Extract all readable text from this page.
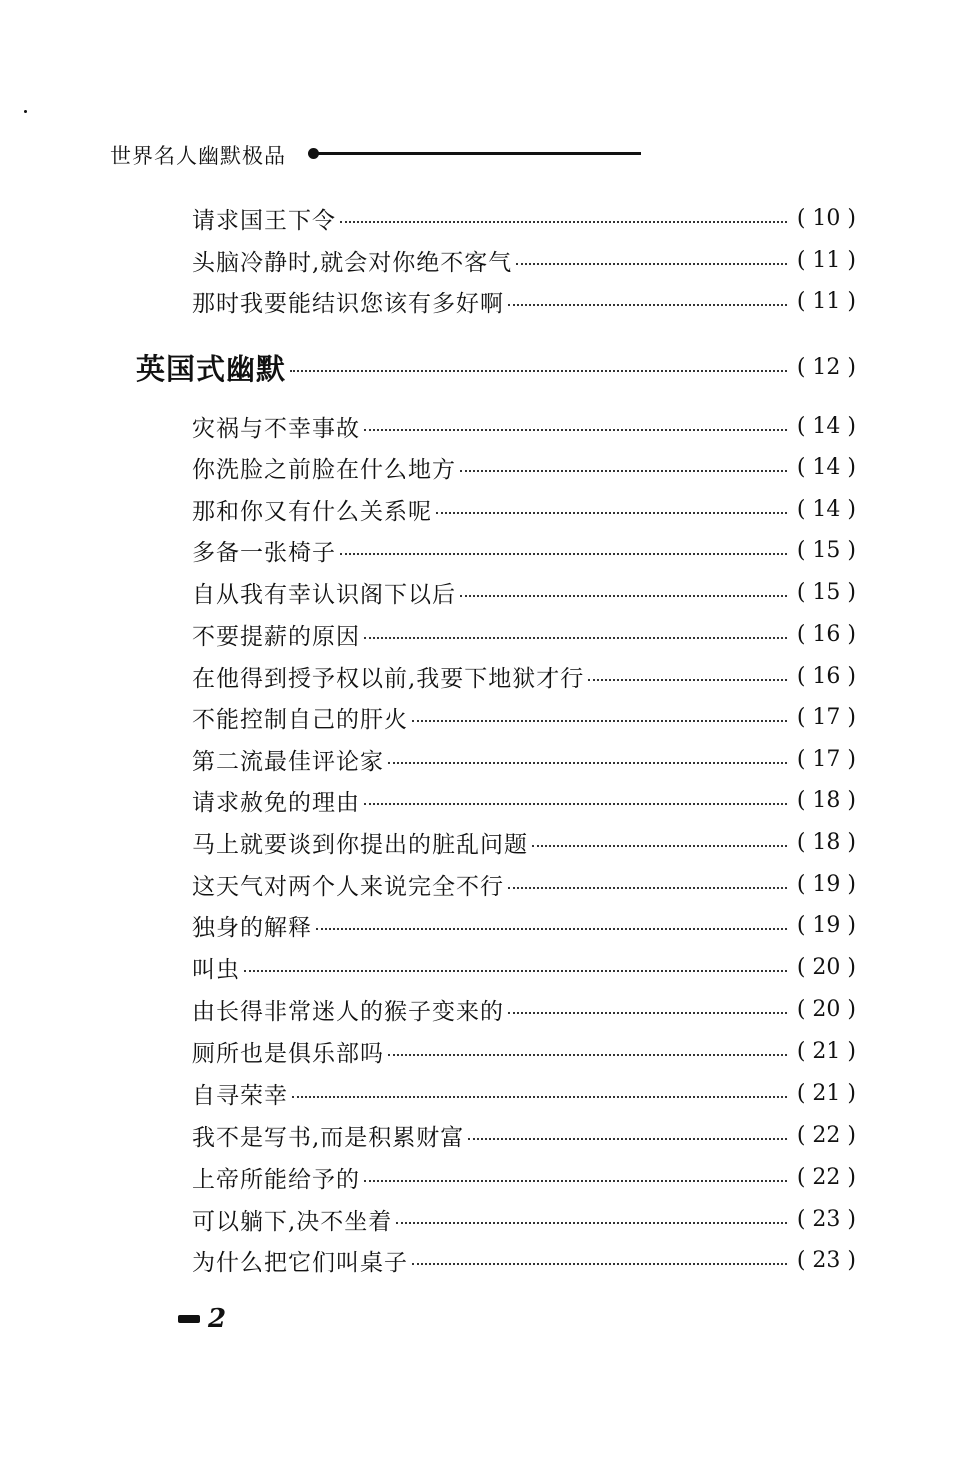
世界名人幽默极品
请求国王下令	( 10 )
头脑冷静时,就会对你绝不客气	( 11 )
那时我要能结识您该有多好啊	( 11 )
英国式幽默	( 12 )
灾祸与不幸事故	( 14 )
你洗脸之前脸在什么地方	( 14 )
那和你又有什么关系呢	( 14 )
多备一张椅子	( 15 )
自从我有幸认识阁下以后	( 15 )
不要提薪的原因	( 16 )
在他得到授予权以前,我要下地狱才行	( 16 )
不能控制自己的肝火	( 17 )
第二流最佳评论家	( 17 )
请求赦免的理由	( 18 )
马上就要谈到你提出的脏乱问题	( 18 )
这天气对两个人来说完全不行	( 19 )
独身的解释	( 19 )
叫虫	( 20 )
由长得非常迷人的猴子变来的	( 20 )
厕所也是俱乐部吗	( 21 )
自寻荣幸	( 21 )
我不是写书,而是积累财富	( 22 )
上帝所能给予的	( 22 )
可以躺下,决不坐着	( 23 )
为什么把它们叫桌子	( 23 )
2
